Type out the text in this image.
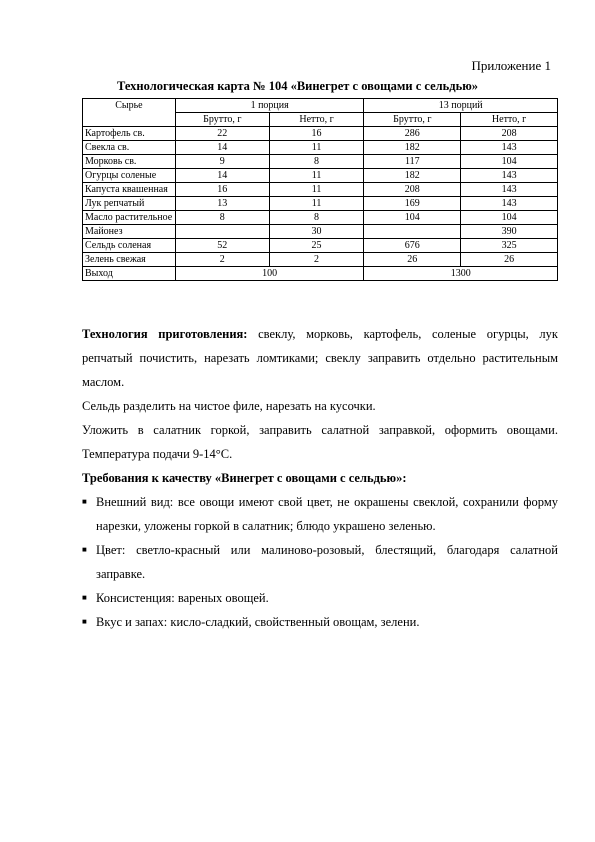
Приложение 1
Технологическая карта № 104 «Винегрет с овощами с сельдью»
Сырье	1 порция		13 порций	
	Брутто, г	Нетто, г	Брутто, г	Нетто, г
Картофель св.	22	16	286	208
Свекла св.	14	11	182	143
Морковь св.	9	8	117	104
Огурцы соленые	14	11	182	143
Капуста квашенная	16	11	208	143
Лук репчатый	13	11	169	143
Масло растительное	8	8	104	104
Майонез		30		390
Сельдь соленая	52	25	676	325
Зелень свежая	2	2	26	26
Выход	100		1300	

Технология приготовления: свеклу, морковь, картофель, соленые огурцы, лук репчатый почистить, нарезать ломтиками; свеклу заправить отдельно растительным маслом.

Сельдь разделить на чистое филе, нарезать на кусочки.

Уложить в салатник горкой, заправить салатной заправкой, оформить овощами. Температура подачи 9-14°С.

Требования к качеству «Винегрет с овощами с сельдью»:

■ Внешний вид: все овощи имеют свой цвет, не окрашены свеклой, сохранили форму нарезки, уложены горкой в салатник; блюдо украшено зеленью.
■ Цвет: светло-красный или малиново-розовый, блестящий, благодаря салатной заправке.
■ Консистенция: вареных овощей.
■ Вкус и запах: кисло-сладкий, свойственный овощам, зелени.
